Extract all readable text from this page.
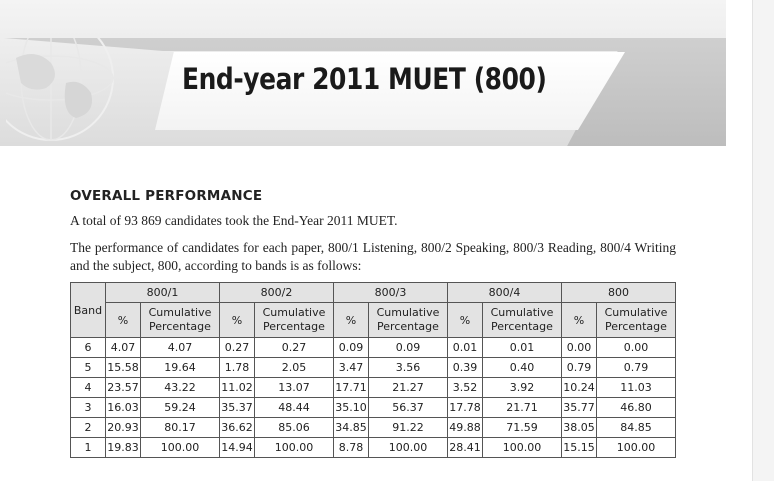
End-year 2011 MUET (800)
OVERALL PERFORMANCE
A total of 93 869 candidates took the End-Year 2011 MUET.
The performance of candidates for each paper, 800/1 Listening, 800/2 Speaking, 800/3 Reading, 800/4 Writing and the subject, 800, according to bands is as follows:
Band	800/1		800/2		800/3		800/4		800	
	%	Cumulative Percentage	%	Cumulative Percentage	%	Cumulative Percentage	%	Cumulative Percentage	%	Cumulative Percentage
6	4.07	4.07	0.27	0.27	0.09	0.09	0.01	0.01	0.00	0.00
5	15.58	19.64	1.78	2.05	3.47	3.56	0.39	0.40	0.79	0.79
4	23.57	43.22	11.02	13.07	17.71	21.27	3.52	3.92	10.24	11.03
3	16.03	59.24	35.37	48.44	35.10	56.37	17.78	21.71	35.77	46.80
2	20.93	80.17	36.62	85.06	34.85	91.22	49.88	71.59	38.05	84.85
1	19.83	100.00	14.94	100.00	8.78	100.00	28.41	100.00	15.15	100.00
